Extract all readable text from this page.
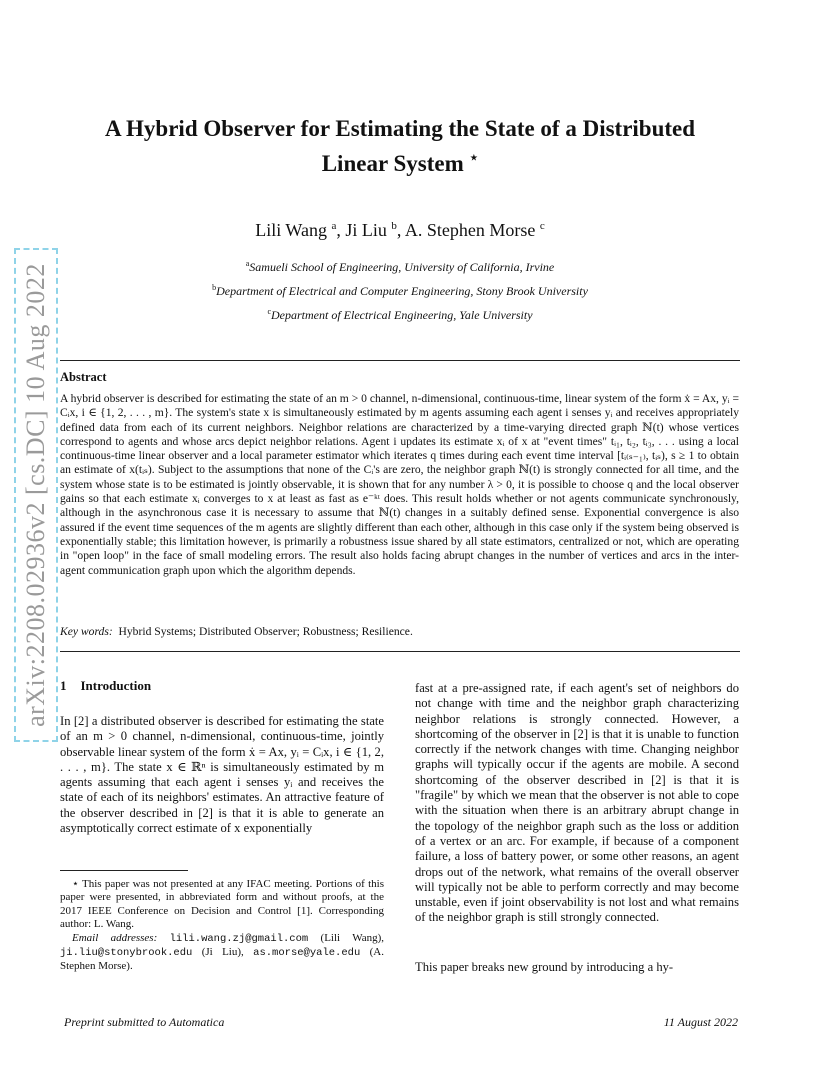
arXiv:2208.02936v2 [cs.DC] 10 Aug 2022
A Hybrid Observer for Estimating the State of a Distributed
Linear System ⋆
Lili Wang $^a$, Ji Liu $^b$, A. Stephen Morse $^c$
$^a$Samueli School of Engineering, University of California, Irvine
$^b$Department of Electrical and Computer Engineering, Stony Brook University
$^c$Department of Electrical Engineering, Yale University
Abstract
A hybrid observer is described for estimating the state of an m > 0 channel, n-dimensional, continuous-time, linear system of the form ẋ = Ax, yᵢ = Cᵢx, i ∈ {1, 2, . . . , m}. The system's state x is simultaneously estimated by m agents assuming each agent i senses yᵢ and receives appropriately defined data from each of its current neighbors. Neighbor relations are characterized by a time-varying directed graph ℕ(t) whose vertices correspond to agents and whose arcs depict neighbor relations. Agent i updates its estimate xᵢ of x at "event times" tᵢ₁, tᵢ₂, tᵢ₃, . . . using a local continuous-time linear observer and a local parameter estimator which iterates q times during each event time interval [tᵢ₍ₛ₋₁₎, tᵢₛ), s ≥ 1 to obtain an estimate of x(tᵢₛ). Subject to the assumptions that none of the Cᵢ's are zero, the neighbor graph ℕ(t) is strongly connected for all time, and the system whose state is to be estimated is jointly observable, it is shown that for any number λ > 0, it is possible to choose q and the local observer gains so that each estimate xᵢ converges to x at least as fast as e⁻ᵏᵗ does. This result holds whether or not agents communicate synchronously, although in the asynchronous case it is necessary to assume that ℕ(t) changes in a suitably defined sense. Exponential convergence is also assured if the event time sequences of the m agents are slightly different than each other, although in this case only if the system being observed is exponentially stable; this limitation however, is primarily a robustness issue shared by all state estimators, centralized or not, which are operating in "open loop" in the face of small modeling errors. The result also holds facing abrupt changes in the number of vertices and arcs in the inter-agent communication graph upon which the algorithm depends.
Key words: Hybrid Systems; Distributed Observer; Robustness; Resilience.
1 Introduction
In [2] a distributed observer is described for estimating the state of an m > 0 channel, n-dimensional, continuous-time, jointly observable linear system of the form ẋ = Ax, yᵢ = Cᵢx, i ∈ {1, 2, . . . , m}. The state x ∈ ℝⁿ is simultaneously estimated by m agents assuming that each agent i senses yᵢ and receives the state of each of its neighbors' estimates. An attractive feature of the observer described in [2] is that it is able to generate an asymptotically correct estimate of x exponentially

⋆ This paper was not presented at any IFAC meeting. Portions of this paper were presented, in abbreviated form and without proofs, at the 2017 IEEE Conference on Decision and Control [1]. Corresponding author: L. Wang.

Email addresses: lili.wang.zj@gmail.com (Lili Wang), ji.liu@stonybrook.edu (Ji Liu), as.morse@yale.edu (A. Stephen Morse).

fast at a pre-assigned rate, if each agent's set of neighbors do not change with time and the neighbor graph characterizing neighbor relations is strongly connected. However, a shortcoming of the observer in [2] is that it is unable to function correctly if the network changes with time. Changing neighbor graphs will typically occur if the agents are mobile. A second shortcoming of the observer described in [2] is that it is "fragile" by which we mean that the observer is not able to cope with the situation when there is an arbitrary abrupt change in the topology of the neighbor graph such as the loss or addition of a vertex or an arc. For example, if because of a component failure, a loss of battery power, or some other reasons, an agent drops out of the network, what remains of the overall observer will typically not be able to perform correctly and may become unstable, even if joint observability is not lost and what remains of the neighbor graph is still strongly connected.
This paper breaks new ground by introducing a hy-
Preprint submitted to Automatica	11 August 2022
